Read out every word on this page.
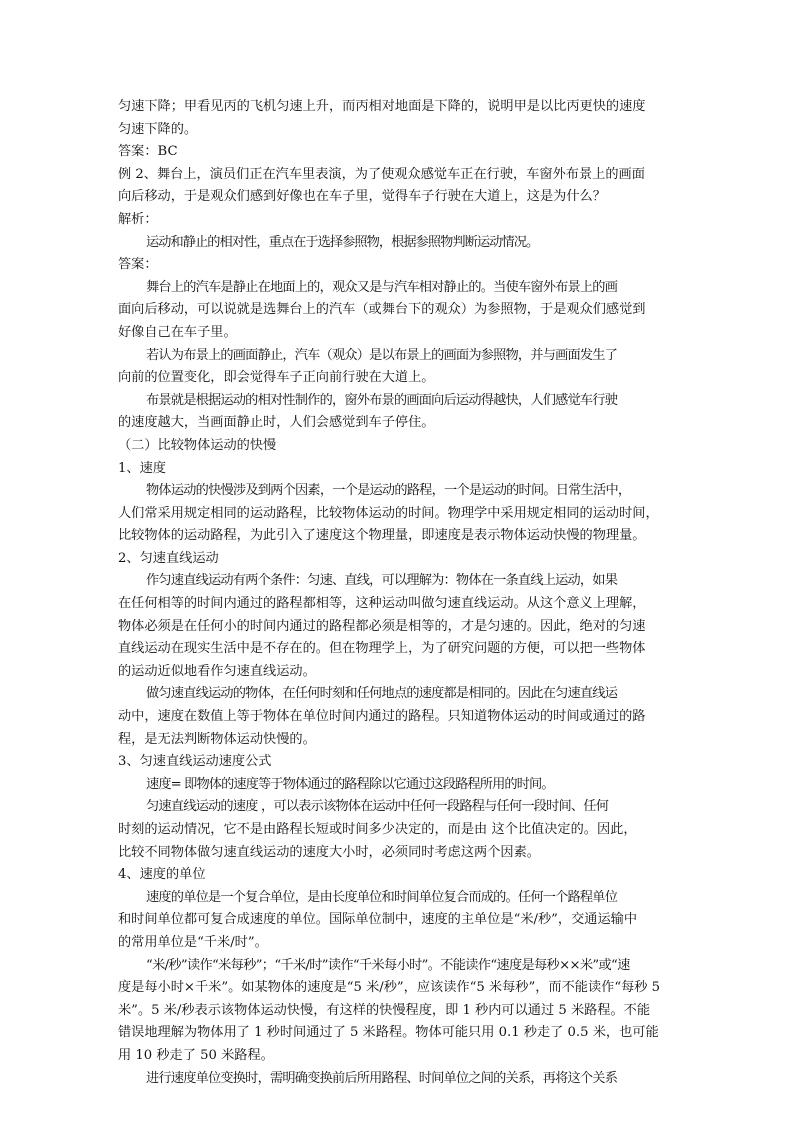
匀速下降；甲看见丙的飞机匀速上升，而丙相对地面是下降的，说明甲是以比丙更快的速度
匀速下降的。
答案：BC
例 2、舞台上，演员们正在汽车里表演，为了使观众感觉车正在行驶，车窗外布景上的画面
向后移动，于是观众们感到好像也在车子里，觉得车子行驶在大道上，这是为什么？
解析：
运动和静止的相对性，重点在于选择参照物，根据参照物判断运动情况。
答案：
舞台上的汽车是静止在地面上的，观众又是与汽车相对静止的。当使车窗外布景上的画
面向后移动，可以说就是选舞台上的汽车（或舞台下的观众）为参照物，于是观众们感觉到
好像自己在车子里。
若认为布景上的画面静止，汽车（观众）是以布景上的画面为参照物，并与画面发生了
向前的位置变化，即会觉得车子正向前行驶在大道上。
布景就是根据运动的相对性制作的，窗外布景的画面向后运动得越快，人们感觉车行驶
的速度越大，当画面静止时，人们会感觉到车子停住。
（二）比较物体运动的快慢
1、速度
物体运动的快慢涉及到两个因素，一个是运动的路程，一个是运动的时间。日常生活中，
人们常采用规定相同的运动路程，比较物体运动的时间。物理学中采用规定相同的运动时间，
比较物体的运动路程，为此引入了速度这个物理量，即速度是表示物体运动快慢的物理量。
2、匀速直线运动
作匀速直线运动有两个条件：匀速、直线，可以理解为：物体在一条直线上运动，如果
在任何相等的时间内通过的路程都相等，这种运动叫做匀速直线运动。从这个意义上理解，
物体必须是在任何小的时间内通过的路程都必须是相等的，才是匀速的。因此，绝对的匀速
直线运动在现实生活中是不存在的。但在物理学上，为了研究问题的方便，可以把一些物体
的运动近似地看作匀速直线运动。
做匀速直线运动的物体，在任何时刻和任何地点的速度都是相同的。因此在匀速直线运
动中，速度在数值上等于物体在单位时间内通过的路程。只知道物体运动的时间或通过的路
程，是无法判断物体运动快慢的。
3、匀速直线运动速度公式
速度= 即物体的速度等于物体通过的路程除以它通过这段路程所用的时间。
匀速直线运动的速度 ，可以表示该物体在运动中任何一段路程与任何一段时间、任何
时刻的运动情况，它不是由路程长短或时间多少决定的，而是由 这个比值决定的。因此，
比较不同物体做匀速直线运动的速度大小时，必须同时考虑这两个因素。
4、速度的单位
速度的单位是一个复合单位，是由长度单位和时间单位复合而成的。任何一个路程单位
和时间单位都可复合成速度的单位。国际单位制中，速度的主单位是“米/秒”，交通运输中
的常用单位是“千米/时”。
“米/秒”读作“米每秒”；“千米/时”读作“千米每小时”。不能读作“速度是每秒××米”或“速
度是每小时×千米”。如某物体的速度是“5 米/秒”，应该读作“5 米每秒”，而不能读作“每秒 5
米”。5 米/秒表示该物体运动快慢，有这样的快慢程度，即 1 秒内可以通过 5 米路程。不能
错误地理解为物体用了 1 秒时间通过了 5 米路程。物体可能只用 0.1 秒走了 0.5 米，也可能
用 10 秒走了 50 米路程。
进行速度单位变换时，需明确变换前后所用路程、时间单位之间的关系，再将这个关系
